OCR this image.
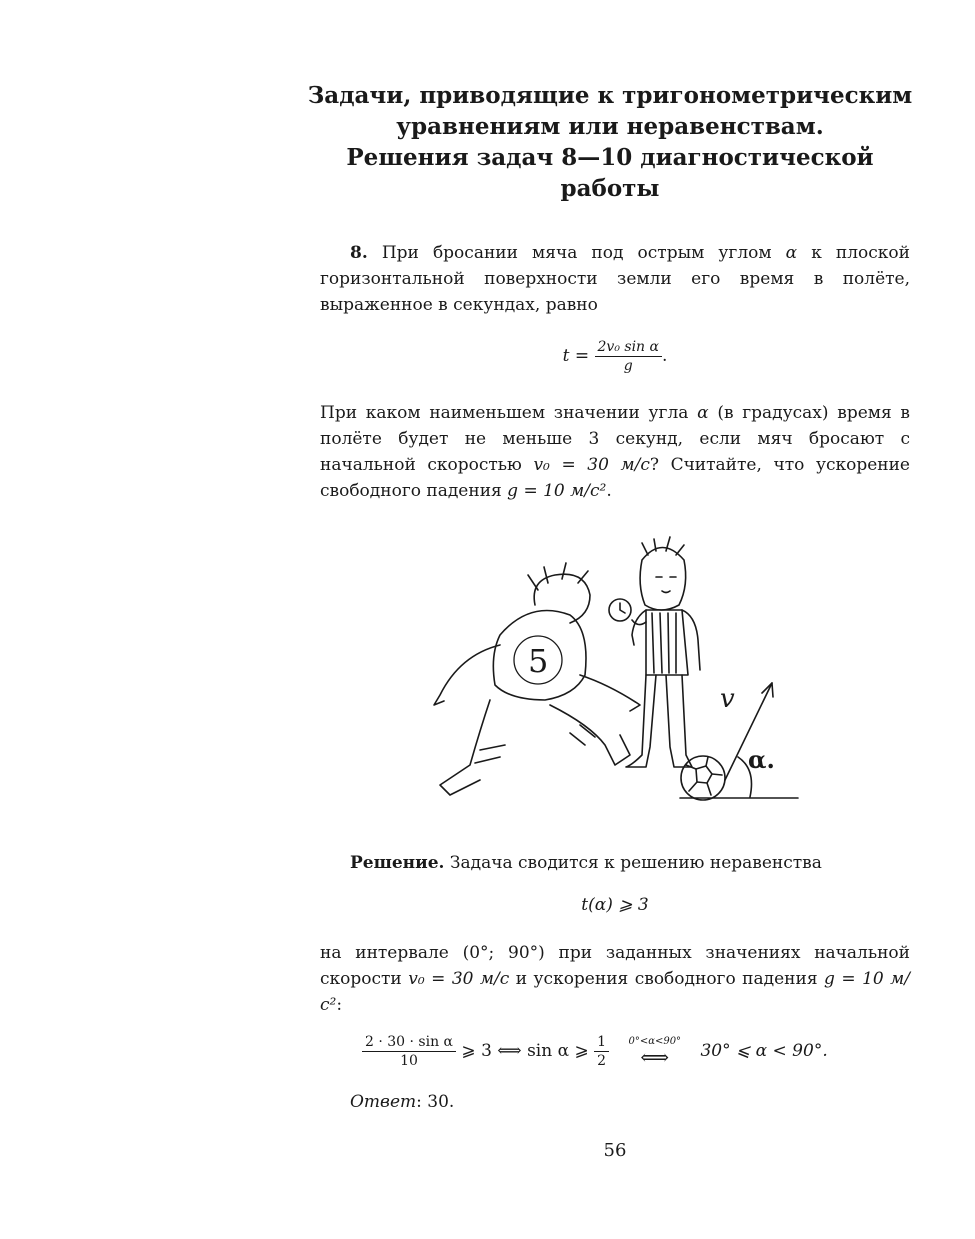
Задачи, приводящие к тригонометрическим
уравнениям или неравенствам.
Решения задач 8—10 диагностической работы
8. При бросании мяча под острым углом α к плоской горизонтальной поверхности земли его время в полёте, выраженное в секундах, равно
$t = \frac{\text{2v₀ sin α}}{g}$ .
При каком наименьшем значении угла α (в градусах) время в полёте будет не меньше 3 секунд, если мяч бросают с начальной скоростью v₀ = 30 м/с? Считайте, что ускорение свободного падения g = 10 м/с².
5
v
α.
Решение. Задача сводится к решению неравенства
t(α) ⩾ 3
на интервале (0°; 90°) при заданных значениях начальной скорости v₀ = 30 м/с и ускорения свободного падения g = 10 м/с²:
$\frac{\text{2 · 30 · sin α}}{10}$ ⩾ 3 ⟺ sin α ⩾ $\frac{1}{2}$
0°<α<90°
⟺	30° ⩽ α < 90°.
Ответ: 30.
56
